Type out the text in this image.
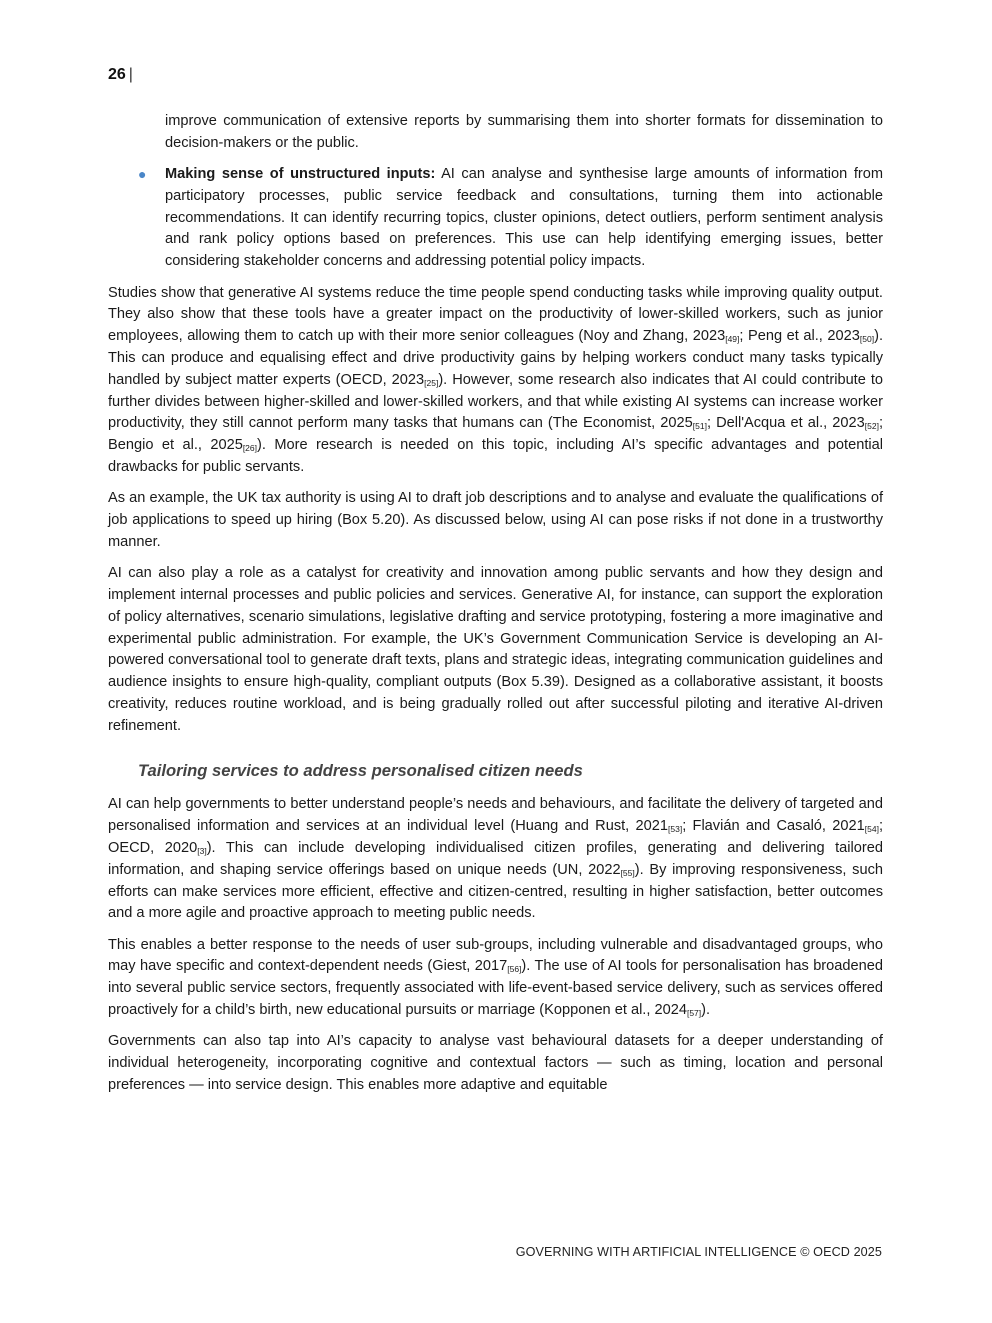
26 |

improve communication of extensive reports by summarising them into shorter formats for dissemination to decision-makers or the public.

● Making sense of unstructured inputs: AI can analyse and synthesise large amounts of information from participatory processes, public service feedback and consultations, turning them into actionable recommendations. It can identify recurring topics, cluster opinions, detect outliers, perform sentiment analysis and rank policy options based on preferences. This use can help identifying emerging issues, better considering stakeholder concerns and addressing potential policy impacts.

Studies show that generative AI systems reduce the time people spend conducting tasks while improving quality output. They also show that these tools have a greater impact on the productivity of lower-skilled workers, such as junior employees, allowing them to catch up with their more senior colleagues (Noy and Zhang, $2023_{[49]}$; Peng et al., $2023_{[50]}$). This can produce and equalising effect and drive productivity gains by helping workers conduct many tasks typically handled by subject matter experts (OECD, $2023_{[25]}$). However, some research also indicates that AI could contribute to further divides between higher-skilled and lower-skilled workers, and that while existing AI systems can increase worker productivity, they still cannot perform many tasks that humans can (The Economist, $2025_{[51]}$; Dell'Acqua et al., $2023_{[52]}$; Bengio et al., $2025_{[26]}$). More research is needed on this topic, including AI’s specific advantages and potential drawbacks for public servants.

As an example, the UK tax authority is using AI to draft job descriptions and to analyse and evaluate the qualifications of job applications to speed up hiring (Box 5.20). As discussed below, using AI can pose risks if not done in a trustworthy manner.

AI can also play a role as a catalyst for creativity and innovation among public servants and how they design and implement internal processes and public policies and services. Generative AI, for instance, can support the exploration of policy alternatives, scenario simulations, legislative drafting and service prototyping, fostering a more imaginative and experimental public administration. For example, the UK’s Government Communication Service is developing an AI-powered conversational tool to generate draft texts, plans and strategic ideas, integrating communication guidelines and audience insights to ensure high-quality, compliant outputs (Box 5.39). Designed as a collaborative assistant, it boosts creativity, reduces routine workload, and is being gradually rolled out after successful piloting and iterative AI-driven refinement.

Tailoring services to address personalised citizen needs

AI can help governments to better understand people’s needs and behaviours, and facilitate the delivery of targeted and personalised information and services at an individual level (Huang and Rust, $2021_{[53]}$; Flavián and Casaló, $2021_{[54]}$; OECD, $2020_{[3]}$). This can include developing individualised citizen profiles, generating and delivering tailored information, and shaping service offerings based on unique needs (UN, $2022_{[55]}$). By improving responsiveness, such efforts can make services more efficient, effective and citizen-centred, resulting in higher satisfaction, better outcomes and a more agile and proactive approach to meeting public needs.

This enables a better response to the needs of user sub-groups, including vulnerable and disadvantaged groups, who may have specific and context-dependent needs (Giest, $2017_{[56]}$). The use of AI tools for personalisation has broadened into several public service sectors, frequently associated with life-event-based service delivery, such as services offered proactively for a child’s birth, new educational pursuits or marriage (Kopponen et al., $2024_{[57]}$).

Governments can also tap into AI’s capacity to analyse vast behavioural datasets for a deeper understanding of individual heterogeneity, incorporating cognitive and contextual factors — such as timing, location and personal preferences — into service design. This enables more adaptive and equitable

GOVERNING WITH ARTIFICIAL INTELLIGENCE © OECD 2025
